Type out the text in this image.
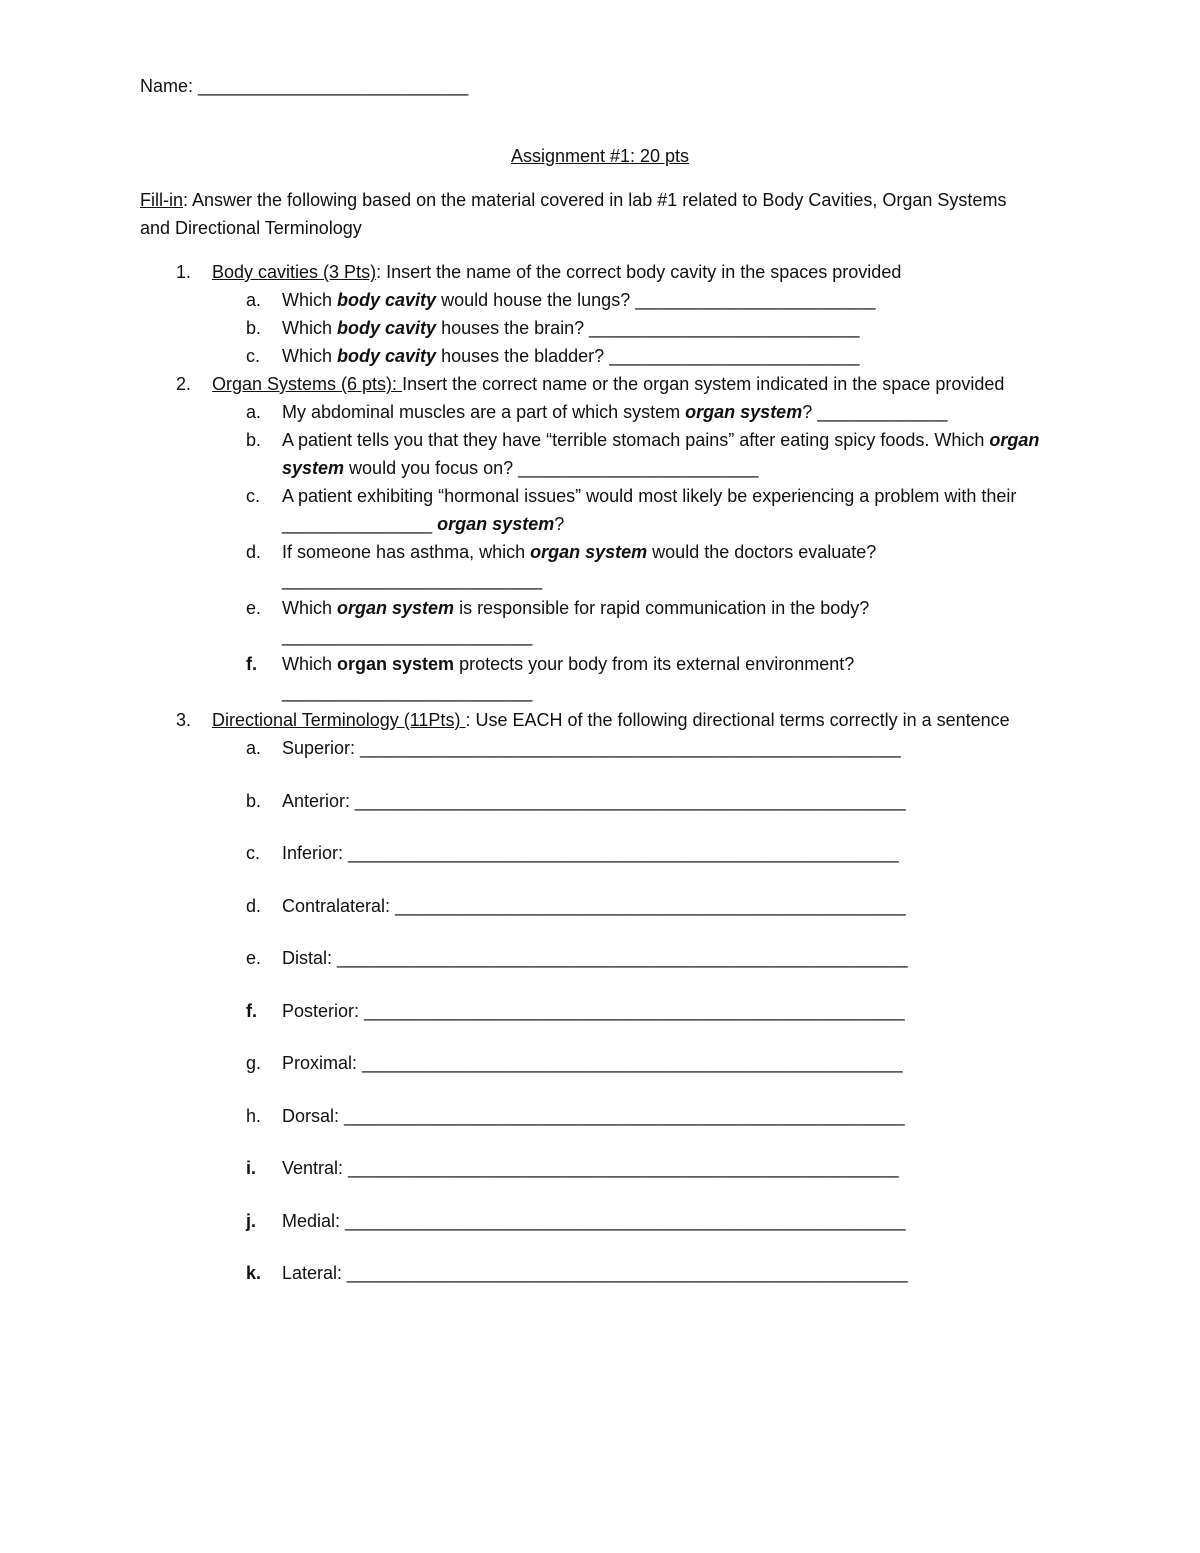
Name: ___________________________
Assignment #1: 20 pts
Fill-in: Answer the following based on the material covered in lab #1 related to Body Cavities, Organ Systems and Directional Terminology
1. Body cavities (3 Pts): Insert the name of the correct body cavity in the spaces provided
a.	Which body cavity would house the lungs? ________________________
b.	Which body cavity houses the brain? ___________________________
c.	Which body cavity houses the bladder? _________________________
2. Organ Systems (6 pts): Insert the correct name or the organ system indicated in the space provided
a.	My abdominal muscles are a part of which system organ system? _____________
b.	A patient tells you that they have “terrible stomach pains” after eating spicy foods. Which organ system would you focus on? ________________________
c.	A patient exhibiting “hormonal issues” would most likely be experiencing a problem with their _______________ organ system?
d.	If someone has asthma, which organ system would the doctors evaluate?
__________________________
e.	Which organ system is responsible for rapid communication in the body?
_________________________
f.	Which organ system protects your body from its external environment?
_________________________
3. Directional Terminology (11Pts) : Use EACH of the following directional terms correctly in a sentence
a.	Superior: ______________________________________________________
b.	Anterior: _______________________________________________________
c.	Inferior: _______________________________________________________
d.	Contralateral: ___________________________________________________
e.	Distal: _________________________________________________________
f.	Posterior: ______________________________________________________
g.	Proximal: ______________________________________________________
h.	Dorsal: ________________________________________________________
i.	Ventral: _______________________________________________________
j.	Medial: ________________________________________________________
k.	Lateral: ________________________________________________________
